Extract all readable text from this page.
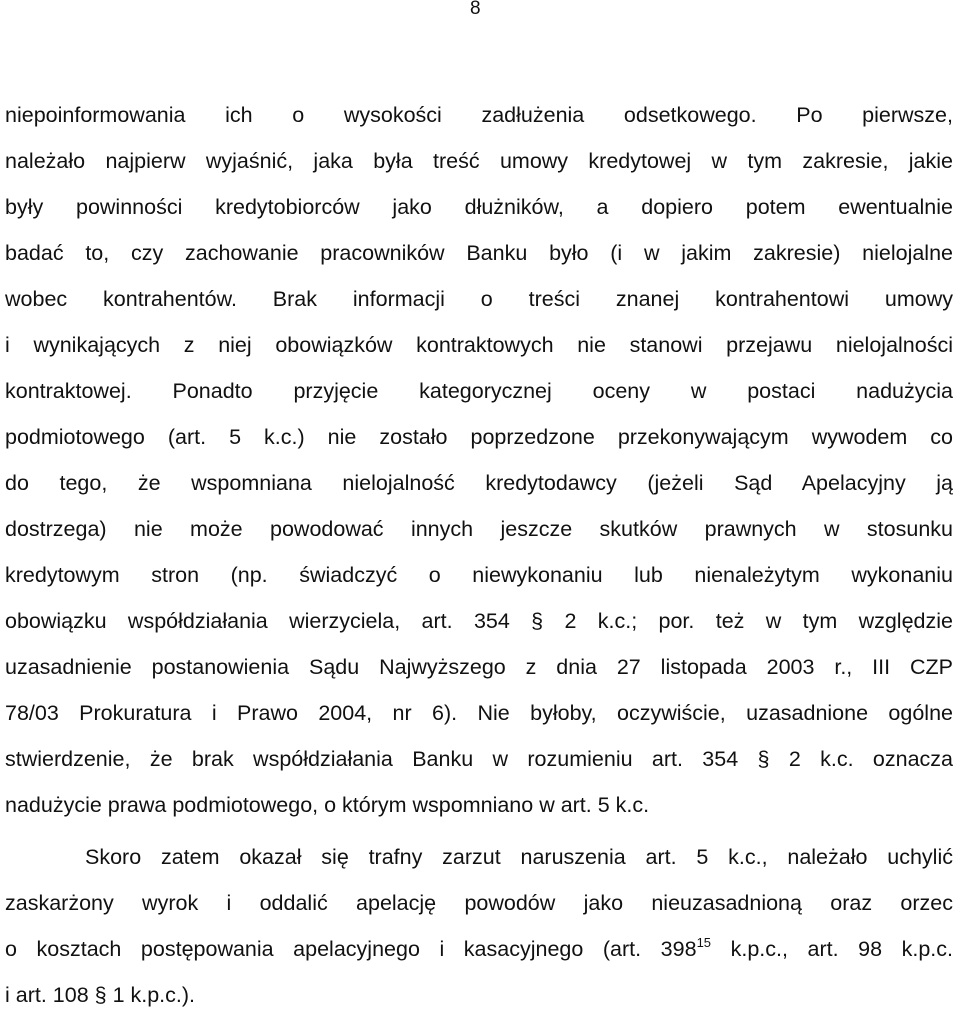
8
niepoinformowania ich o wysokości zadłużenia odsetkowego. Po pierwsze,
należało najpierw wyjaśnić, jaka była treść umowy kredytowej w tym zakresie, jakie
były powinności kredytobiorców jako dłużników, a dopiero potem ewentualnie
badać to, czy zachowanie pracowników Banku było (i w jakim zakresie) nielojalne
wobec kontrahentów. Brak informacji o treści znanej kontrahentowi umowy
i wynikających z niej obowiązków kontraktowych nie stanowi przejawu nielojalności
kontraktowej. Ponadto przyjęcie kategorycznej oceny w postaci nadużycia
podmiotowego (art. 5 k.c.) nie zostało poprzedzone przekonywającym wywodem co
do tego, że wspomniana nielojalność kredytodawcy (jeżeli Sąd Apelacyjny ją
dostrzega) nie może powodować innych jeszcze skutków prawnych w stosunku
kredytowym stron (np. świadczyć o niewykonaniu lub nienależytym wykonaniu
obowiązku współdziałania wierzyciela, art. 354 § 2 k.c.; por. też w tym względzie
uzasadnienie postanowienia Sądu Najwyższego z dnia 27 listopada 2003 r., III CZP
78/03 Prokuratura i Prawo 2004, nr 6). Nie byłoby, oczywiście, uzasadnione ogólne
stwierdzenie, że brak współdziałania Banku w rozumieniu art. 354 § 2 k.c. oznacza
nadużycie prawa podmiotowego, o którym wspomniano w art. 5 k.c.
Skoro zatem okazał się trafny zarzut naruszenia art. 5 k.c., należało uchylić
zaskarżony wyrok i oddalić apelację powodów jako nieuzasadnioną oraz orzec
o kosztach postępowania apelacyjnego i kasacyjnego (art. $398^{15}$ k.p.c., art. 98 k.p.c.
i art. 108 § 1 k.p.c.).
